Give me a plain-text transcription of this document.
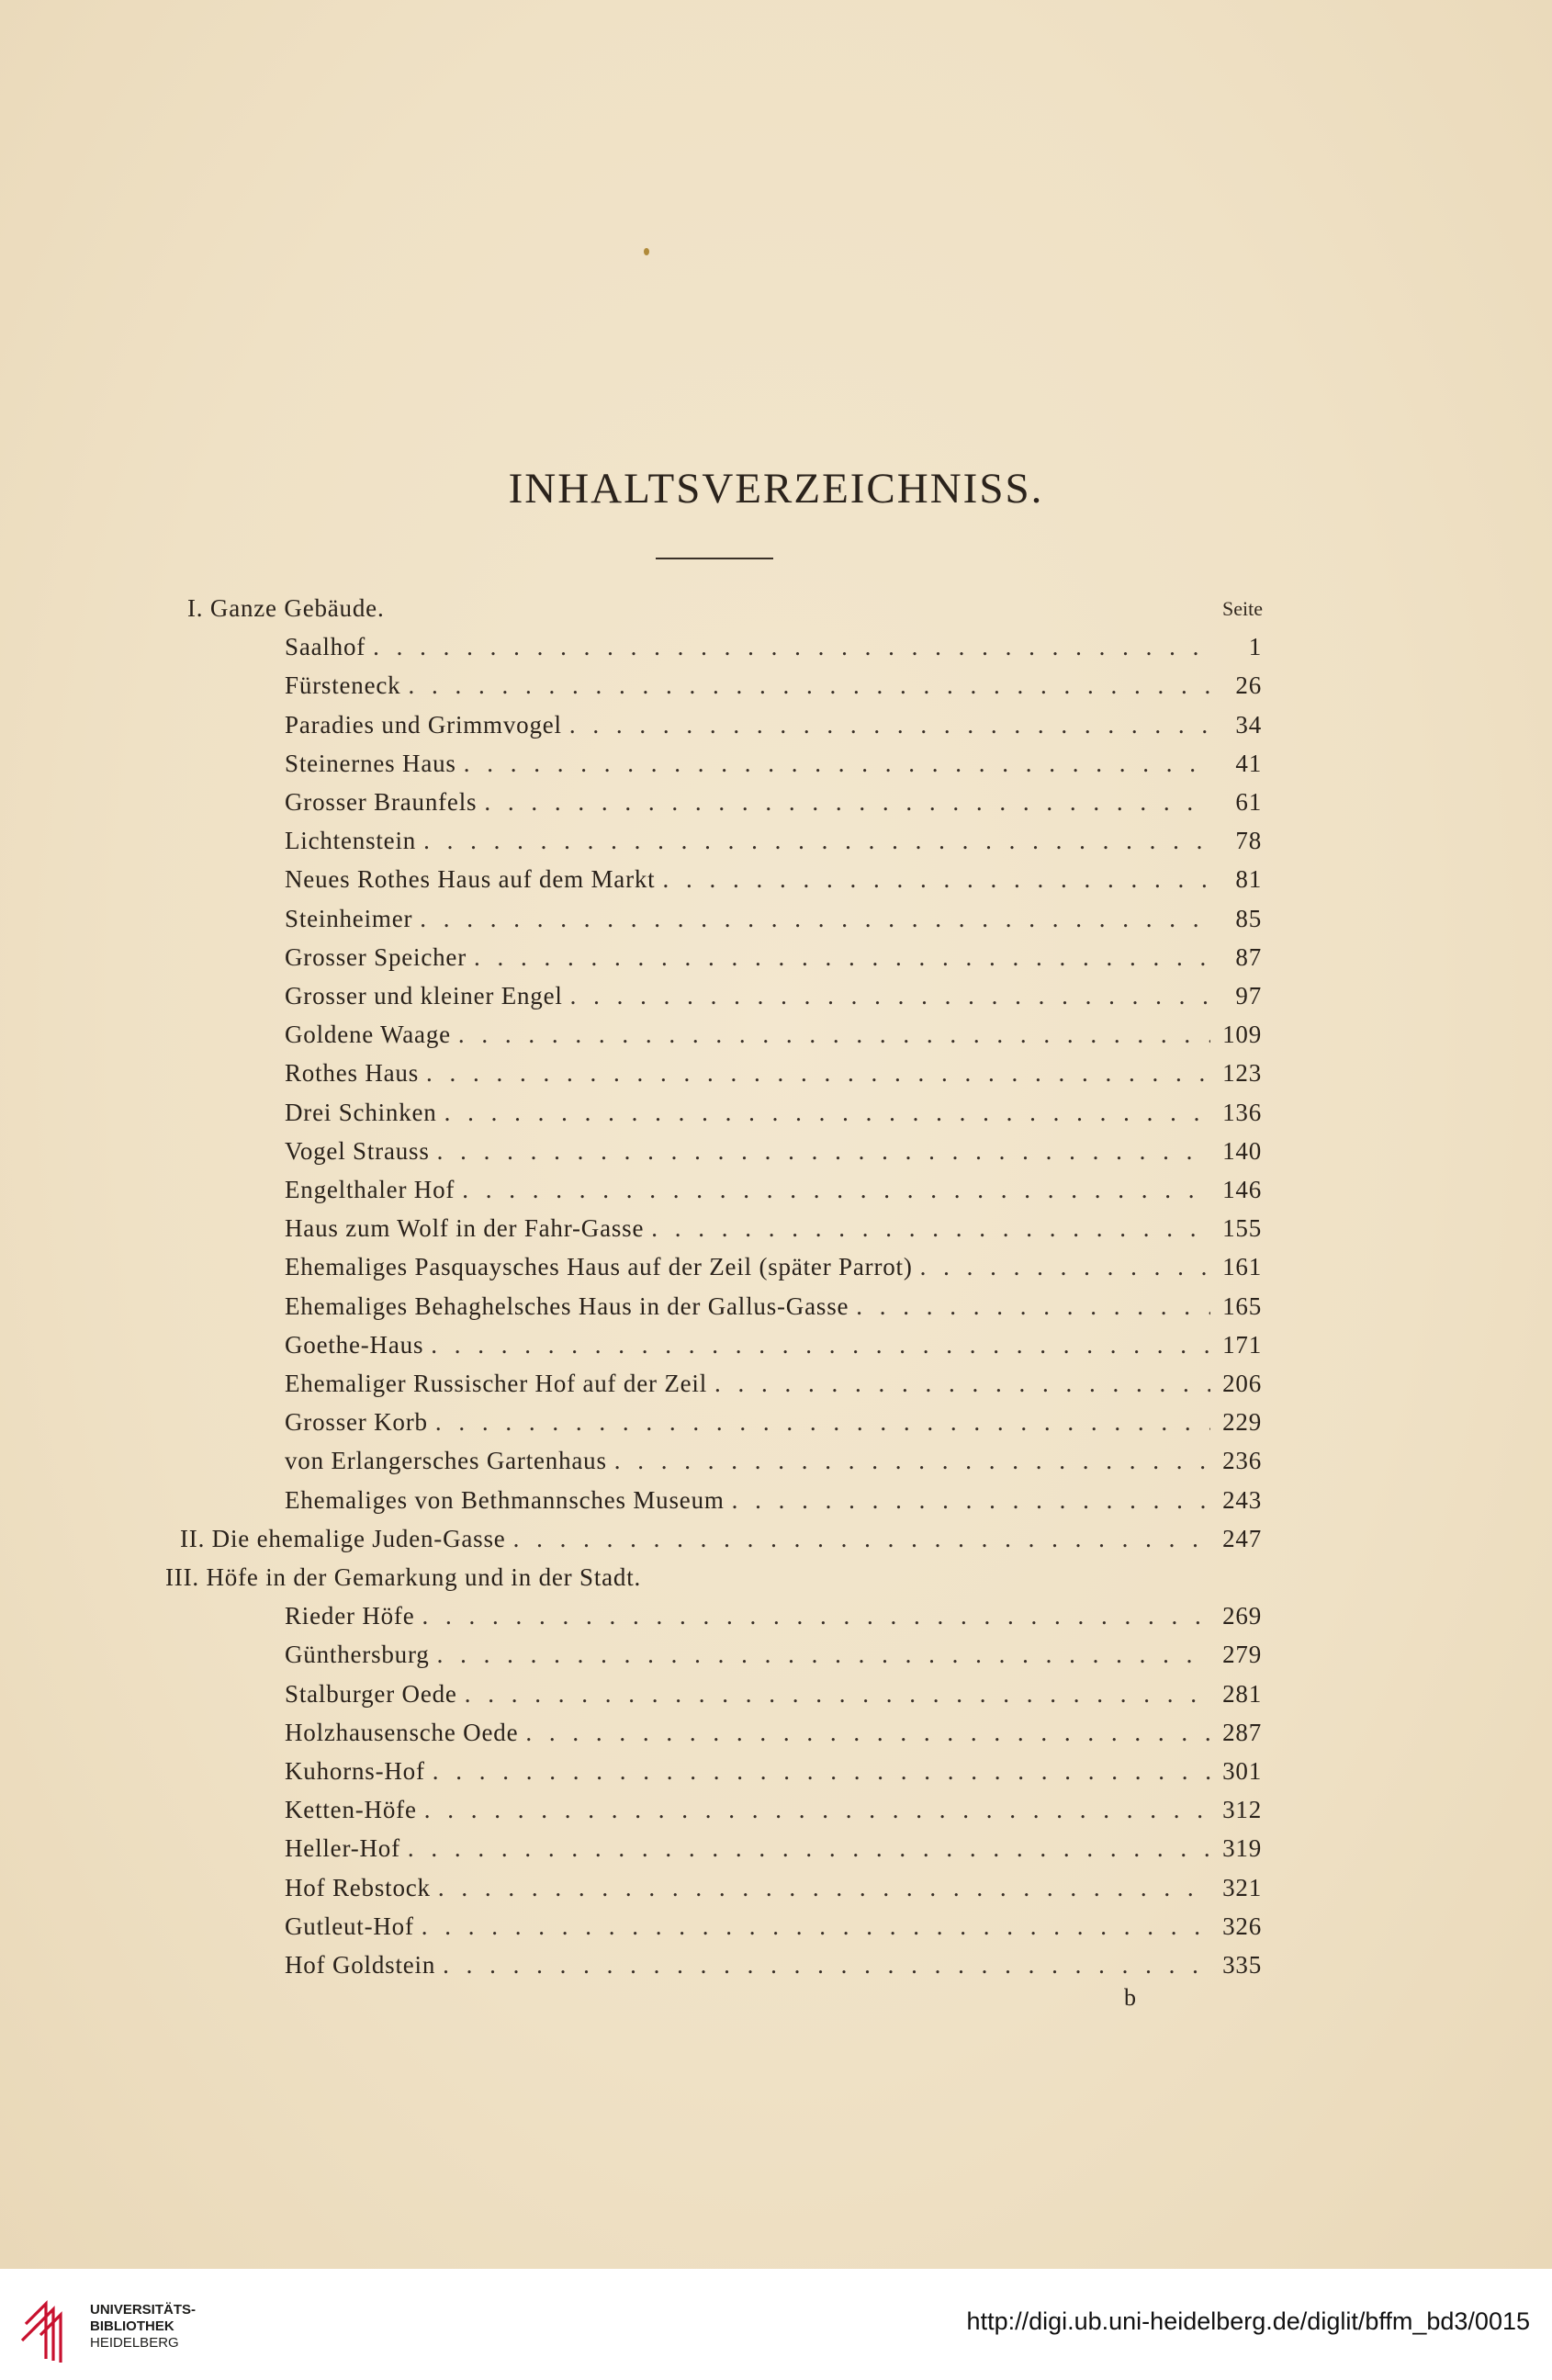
INHALTSVERZEICHNISS.
Seite
I. Ganze Gebäude.
Saalhof . . .	1
Fürsteneck . . .	26
Paradies und Grimmvogel . . .	34
Steinernes Haus . . .	41
Grosser Braunfels . . .	61
Lichtenstein . . .	78
Neues Rothes Haus auf dem Markt . . .	81
Steinheimer . . .	85
Grosser Speicher . . .	87
Grosser und kleiner Engel . . .	97
Goldene Waage . . .	109
Rothes Haus . . .	123
Drei Schinken . . .	136
Vogel Strauss . . .	140
Engelthaler Hof . . .	146
Haus zum Wolf in der Fahr-Gasse . . .	155
Ehemaliges Pasquaysches Haus auf der Zeil (später Parrot) . . .	161
Ehemaliges Behaghelsches Haus in der Gallus-Gasse . . .	165
Goethe-Haus . . .	171
Ehemaliger Russischer Hof auf der Zeil . . .	206
Grosser Korb . . .	229
von Erlangersches Gartenhaus . . .	236
Ehemaliges von Bethmannsches Museum . . .	243
II. Die ehemalige Juden-Gasse . . .	247
III. Höfe in der Gemarkung und in der Stadt.
Rieder Höfe . . .	269
Günthersburg . . .	279
Stalburger Oede . . .	281
Holzhausensche Oede . . .	287
Kuhorns-Hof . . .	301
Ketten-Höfe . . .	312
Heller-Hof . . .	319
Hof Rebstock . . .	321
Gutleut-Hof . . .	326
Hof Goldstein . . .	335
b
UNIVERSITÄTS-
BIBLIOTHEK
HEIDELBERG
http://digi.ub.uni-heidelberg.de/diglit/bffm_bd3/0015
